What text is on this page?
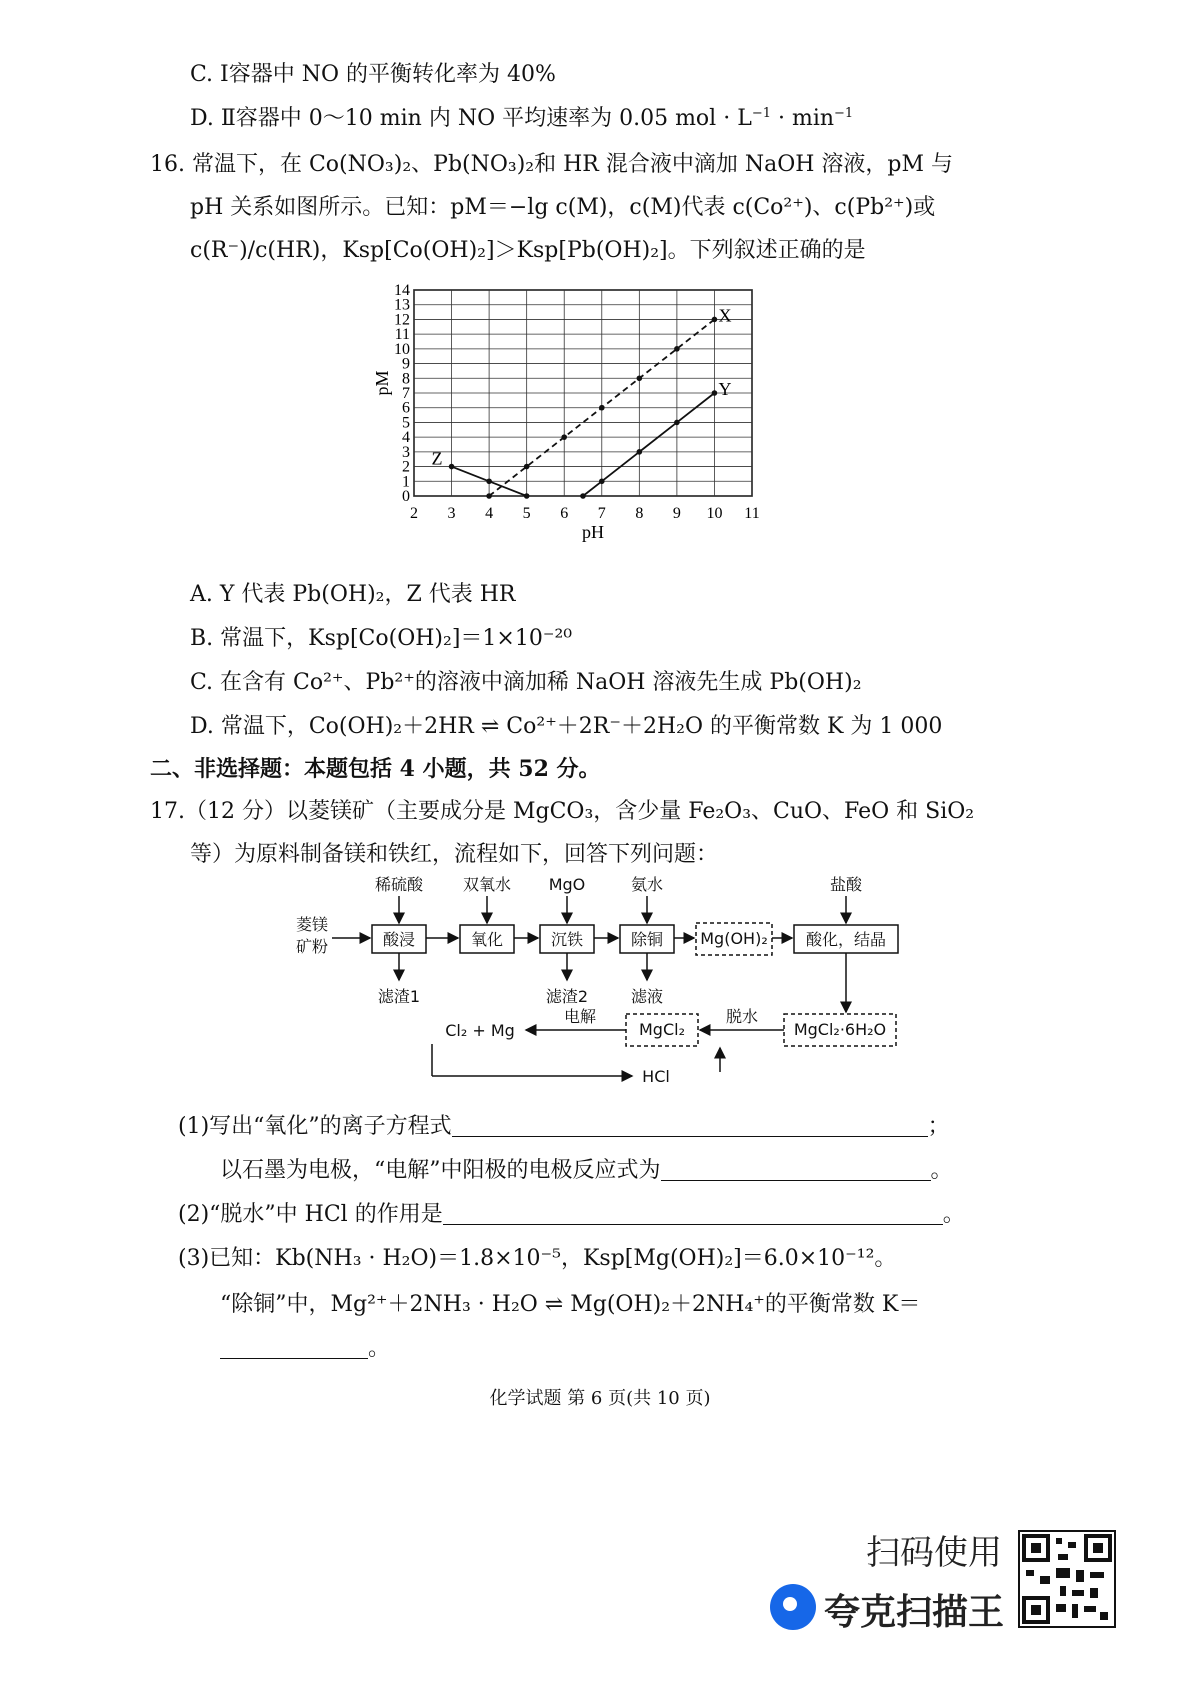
C. Ⅰ容器中 NO 的平衡转化率为 40%
D. Ⅱ容器中 0～10 min 内 NO 平均速率为 0.05 mol · $L^{-1} \cdot \min^{-1}$
16. 常温下，在 Co(NO₃)₂、Pb(NO₃)₂和 HR 混合液中滴加 NaOH 溶液，pM 与
pH 关系如图所示。已知：pM＝−lg c(M)，c(M)代表 c(Co²⁺)、c(Pb²⁺)或
c(R⁻)/c(HR)，Ksp[Co(OH)₂]＞Ksp[Pb(OH)₂]。下列叙述正确的是
2 3 4 5 6 7 8 9 10 11
0
1
2
3
4
5
6
7
8
9
10
11
12
13
14
X
Y
Z
pH
pM
A. Y 代表 Pb(OH)₂，Z 代表 HR
B. 常温下，Ksp[Co(OH)₂]＝1×10⁻²⁰
C. 在含有 Co²⁺、Pb²⁺的溶液中滴加稀 NaOH 溶液先生成 Pb(OH)₂
D. 常温下，Co(OH)₂＋2HR ⇌ Co²⁺＋2R⁻＋2H₂O 的平衡常数 K 为 1 000
二、非选择题：本题包括 4 小题，共 52 分。
17.（12 分）以菱镁矿（主要成分是 MgCO₃，含少量 Fe₂O₃、CuO、FeO 和 SiO₂
等）为原料制备镁和铁红，流程如下，回答下列问题：
菱镁
矿粉	酸浸
稀硫酸
滤渣1
氧化
双氧水
沉铁
MgO
滤渣2
除铜
氨水
滤液
Mg(OH)₂ 酸化，结晶
盐酸
MgCl₂·6H₂O
脱水
MgCl₂
电解
Cl₂ + Mg
HCl
(1)写出“氧化”的离子方程式	；
以石墨为电极，“电解”中阳极的电极反应式为	。
(2)“脱水”中 HCl 的作用是	。
(3)已知：Kb(NH₃ · H₂O)＝1.8×10⁻⁵，Ksp[Mg(OH)₂]＝6.0×10⁻¹²。
“除铜”中，Mg²⁺＋2NH₃ · H₂O ⇌ Mg(OH)₂＋2NH₄⁺的平衡常数 K＝
。
化学试题 第 6 页(共 10 页)
扫码使用
夸克扫描王
